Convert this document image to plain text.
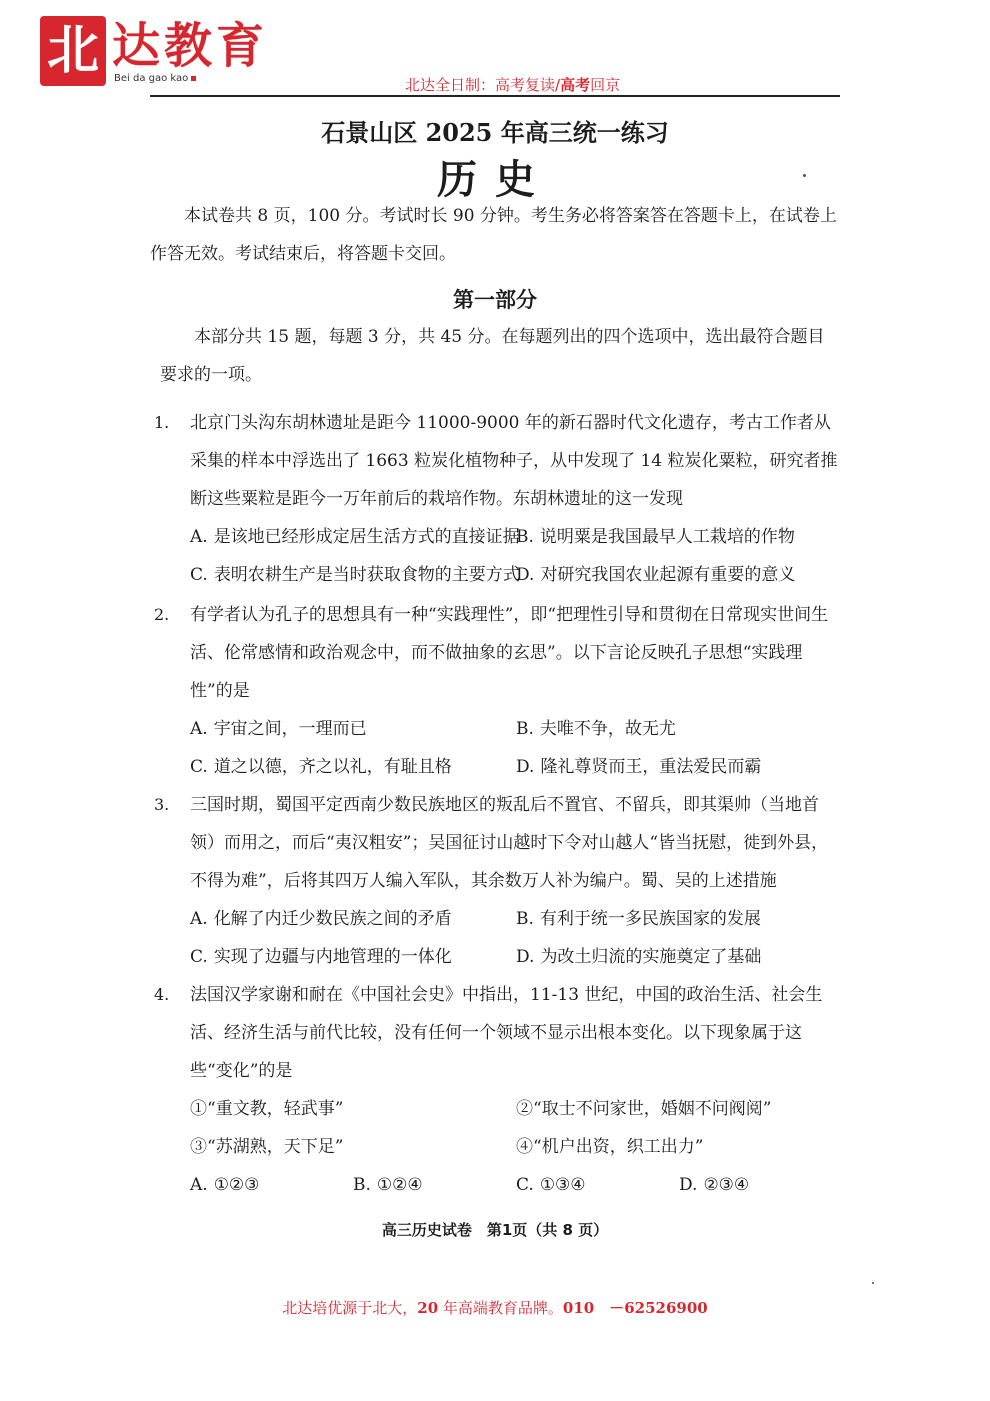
北 达教育
Bei da gao kao	北达全日制：高考复读/高考回京
石景山区 2025 年高三统一练习
历史
本试卷共 8 页，100 分。考试时长 90 分钟。考生务必将答案答在答题卡上，在试卷上作答无效。考试结束后，将答题卡交回。
第一部分
本部分共 15 题，每题 3 分，共 45 分。在每题列出的四个选项中，选出最符合题目要求的一项。
1.	北京门头沟东胡林遗址是距今 11000-9000 年的新石器时代文化遗存，考古工作者从采集的样本中浮选出了 1663 粒炭化植物种子，从中发现了 14 粒炭化粟粒，研究者推断这些粟粒是距今一万年前后的栽培作物。东胡林遗址的这一发现
A. 是该地已经形成定居生活方式的直接证据
B. 说明粟是我国最早人工栽培的作物
C. 表明农耕生产是当时获取食物的主要方式
D. 对研究我国农业起源有重要的意义
2.	有学者认为孔子的思想具有一种“实践理性”，即“把理性引导和贯彻在日常现实世间生活、伦常感情和政治观念中，而不做抽象的玄思”。以下言论反映孔子思想“实践理性”的是
A. 宇宙之间，一理而已	B. 夫唯不争，故无尤
C. 道之以德，齐之以礼，有耻且格	D. 隆礼尊贤而王，重法爱民而霸
3.	三国时期，蜀国平定西南少数民族地区的叛乱后不置官、不留兵，即其渠帅（当地首领）而用之，而后“夷汉粗安”；吴国征讨山越时下令对山越人“皆当抚慰，徙到外县，不得为难”，后将其四万人编入军队，其余数万人补为编户。蜀、吴的上述措施
A. 化解了内迁少数民族之间的矛盾	B. 有利于统一多民族国家的发展
C. 实现了边疆与内地管理的一体化	D. 为改土归流的实施奠定了基础
4.	法国汉学家谢和耐在《中国社会史》中指出，11-13 世纪，中国的政治生活、社会生活、经济生活与前代比较，没有任何一个领域不显示出根本变化。以下现象属于这些“变化”的是
①“重文教，轻武事”	②“取士不问家世，婚姻不问阀阅”
③“苏湖熟，天下足”	④“机户出资，织工出力”
A. ①②③	B. ①②④	C. ①③④	D. ②③④
高三历史试卷　第1页（共 8 页）
北达培优源于北大，20 年高端教育品牌。010　－62526900
